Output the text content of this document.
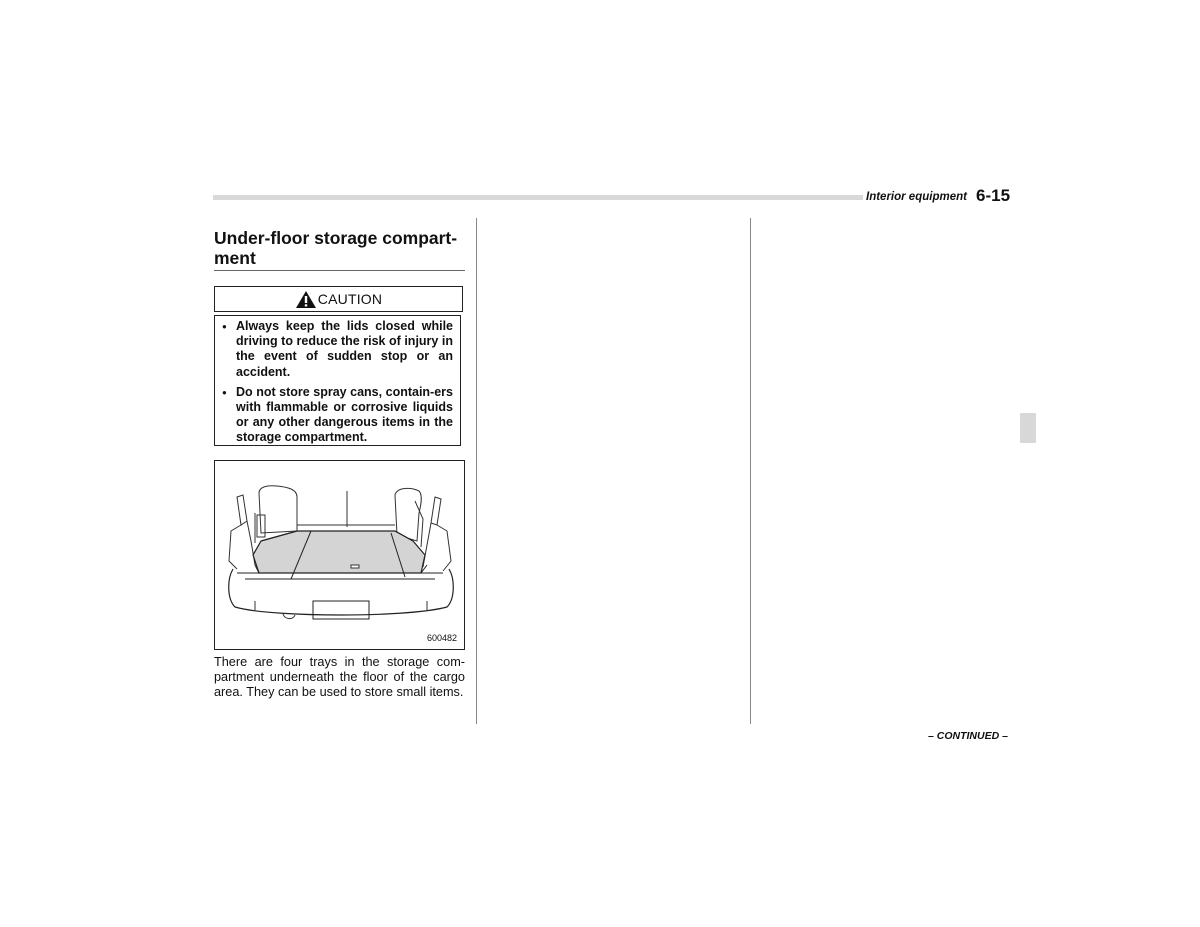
Interior equipment 6-15
Under-floor storage compart-ment
CAUTION
● Always keep the lids closed while driving to reduce the risk of injury in the event of sudden stop or an accident.
● Do not store spray cans, contain-ers with flammable or corrosive liquids or any other dangerous items in the storage compartment.
600482

There are four trays in the storage com-partment underneath the floor of the cargo area. They can be used to store small items.

– CONTINUED –
